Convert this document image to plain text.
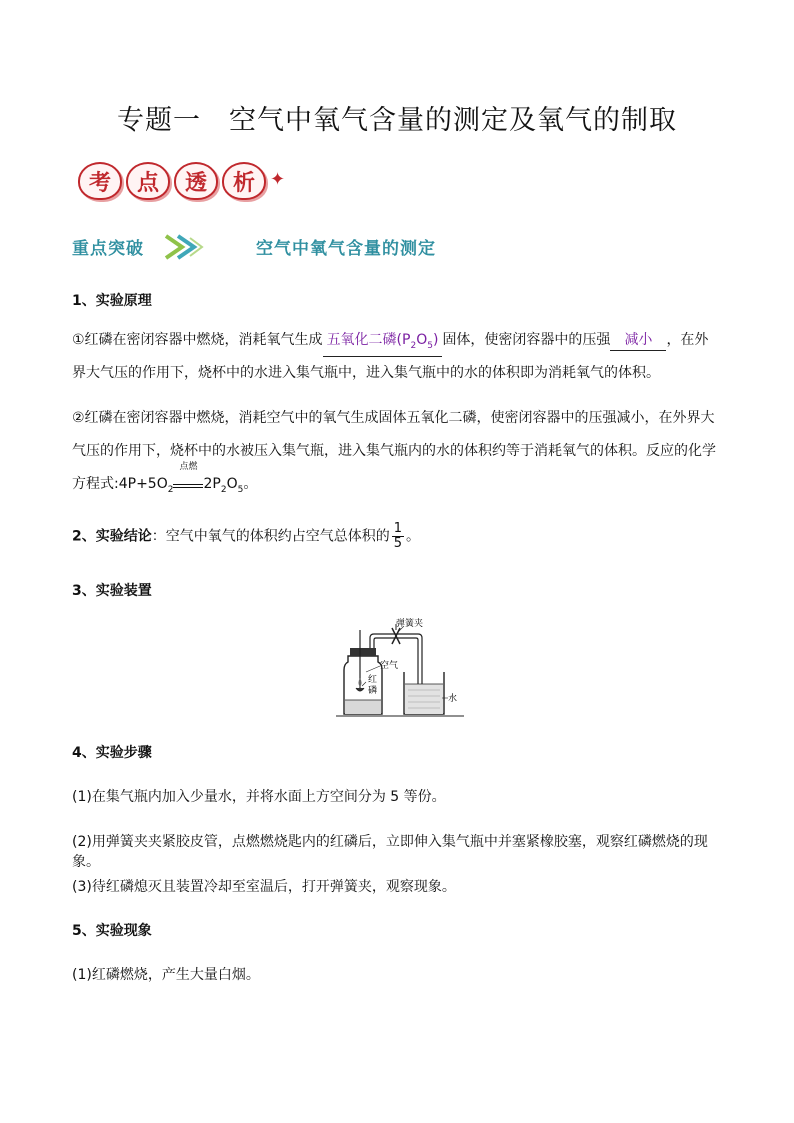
专题一　空气中氧气含量的测定及氧气的制取
考	点	透	析 ✦
重点突破	空气中氧气含量的测定
1、实验原理
①红磷在密闭容器中燃烧，消耗氧气生成 五氧化二磷$(P_2O_5)$ 固体，使密闭容器中的压强 减小 ，在外界大气压的作用下，烧杯中的水进入集气瓶中，进入集气瓶中的水的体积即为消耗氧气的体积。
②红磷在密闭容器中燃烧，消耗空气中的氧气生成固体五氧化二磷，使密闭容器中的压强减小，在外界大气压的作用下，烧杯中的水被压入集气瓶，进入集气瓶内的水的体积约等于消耗氧气的体积。反应的化学方程式$:4P+5O_2$
点燃
$2P_2O_5$。
2、实验结论：空气中氧气的体积约占空气总体积的 $\frac{1}{5}$ 。
3、实验装置
弹簧夹
空气
红
磷
水
4、实验步骤
(1)在集气瓶内加入少量水，并将水面上方空间分为 5 等份。
(2)用弹簧夹夹紧胶皮管，点燃燃烧匙内的红磷后，立即伸入集气瓶中并塞紧橡胶塞，观察红磷燃烧的现象。
(3)待红磷熄灭且装置冷却至室温后，打开弹簧夹，观察现象。
5、实验现象
(1)红磷燃烧，产生大量白烟。
